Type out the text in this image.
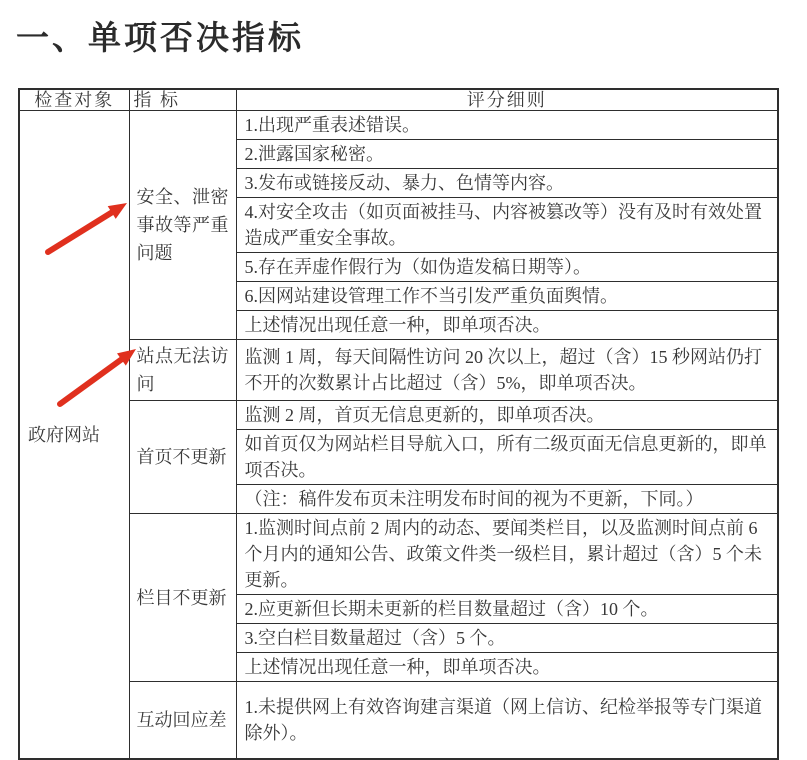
一、单项否决指标
检查对象	指 标	评分细则
政府网站	安全、泄密事故等严重问题	1.出现严重表述错误。
		2.泄露国家秘密。
		3.发布或链接反动、暴力、色情等内容。
		4.对安全攻击（如页面被挂马、内容被篡改等）没有及时有效处置造成严重安全事故。
		5.存在弄虚作假行为（如伪造发稿日期等）。
		6.因网站建设管理工作不当引发严重负面舆情。
		上述情况出现任意一种，即单项否决。
	站点无法访问	监测 1 周，每天间隔性访问 20 次以上，超过（含）15 秒网站仍打不开的次数累计占比超过（含）5%，即单项否决。
	首页不更新	监测 2 周，首页无信息更新的，即单项否决。
		如首页仅为网站栏目导航入口，所有二级页面无信息更新的，即单项否决。
		（注：稿件发布页未注明发布时间的视为不更新，下同。）
	栏目不更新	1.监测时间点前 2 周内的动态、要闻类栏目，以及监测时间点前 6 个月内的通知公告、政策文件类一级栏目，累计超过（含）5 个未更新。
		2.应更新但长期未更新的栏目数量超过（含）10 个。
		3.空白栏目数量超过（含）5 个。
		上述情况出现任意一种，即单项否决。
	互动回应差	1.未提供网上有效咨询建言渠道（网上信访、纪检举报等专门渠道除外）。
